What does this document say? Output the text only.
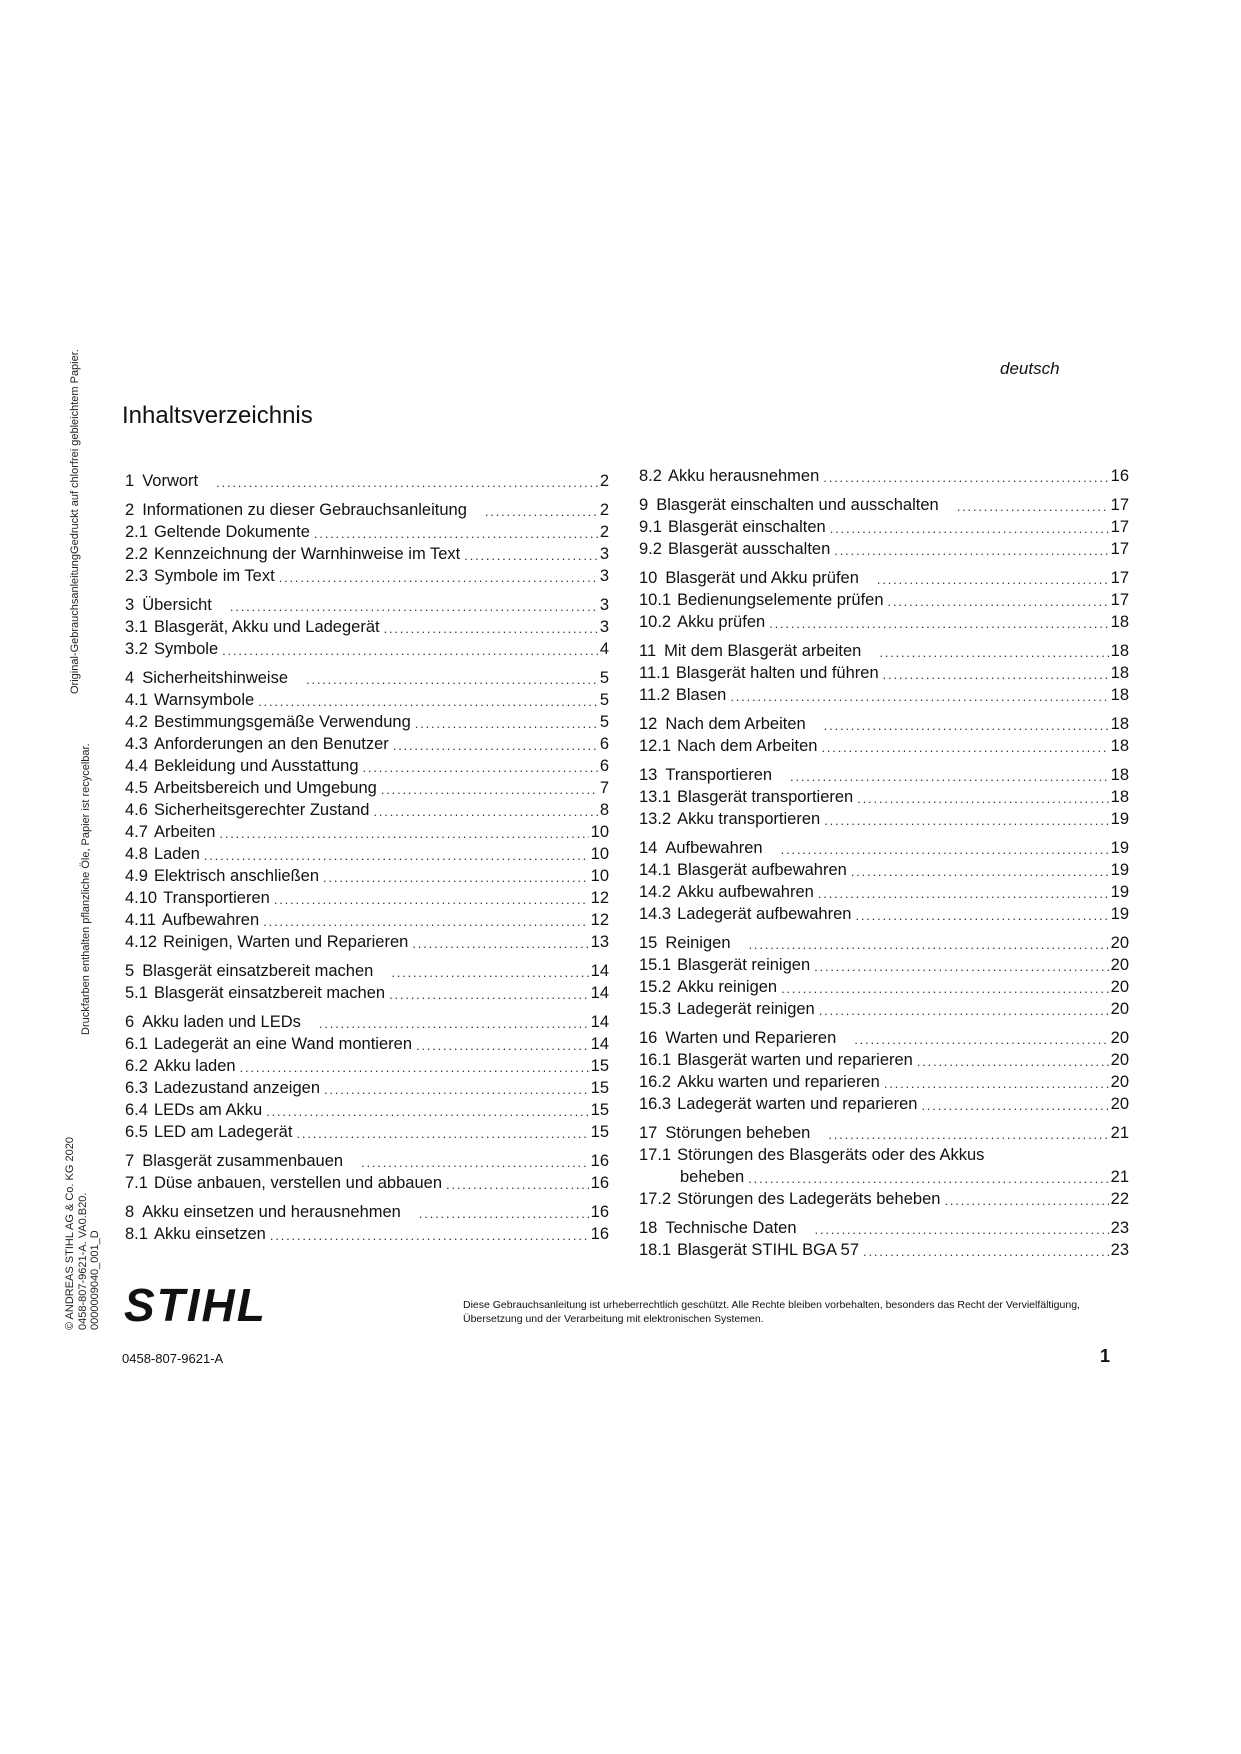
deutsch
Inhaltsverzeichnis
Original-GebrauchsanleitungGedruckt auf chlorfrei gebleichtem Papier.
Druckfarben enthalten pflanzliche Öle, Papier ist recycelbar.
© ANDREAS STIHL AG & Co. KG 2020 0458-807-9621-A. VA0.B20. 0000009040_001_D
1 Vorwort .....	2
2 Informationen zu dieser Gebrauchsanleitung .....	2
2.1 Geltende Dokumente .....	2
2.2 Kennzeichnung der Warnhinweise im Text .....	3
2.3 Symbole im Text .....	3
3 Übersicht .....	3
3.1 Blasgerät, Akku und Ladegerät .....	3
3.2 Symbole .....	4
4 Sicherheitshinweise .....	5
4.1 Warnsymbole .....	5
4.2 Bestimmungsgemäße Verwendung .....	5
4.3 Anforderungen an den Benutzer .....	6
4.4 Bekleidung und Ausstattung .....	6
4.5 Arbeitsbereich und Umgebung .....	7
4.6 Sicherheitsgerechter Zustand .....	8
4.7 Arbeiten .....	10
4.8 Laden .....	10
4.9 Elektrisch anschließen .....	10
4.10 Transportieren .....	12
4.11 Aufbewahren .....	12
4.12 Reinigen, Warten und Reparieren .....	13
5 Blasgerät einsatzbereit machen .....	14
5.1 Blasgerät einsatzbereit machen .....	14
6 Akku laden und LEDs .....	14
6.1 Ladegerät an eine Wand montieren .....	14
6.2 Akku laden .....	15
6.3 Ladezustand anzeigen .....	15
6.4 LEDs am Akku .....	15
6.5 LED am Ladegerät .....	15
7 Blasgerät zusammenbauen .....	16
7.1 Düse anbauen, verstellen und abbauen .....	16
8 Akku einsetzen und herausnehmen .....	16
8.1 Akku einsetzen .....	16
8.2 Akku herausnehmen .....	16
9 Blasgerät einschalten und ausschalten .....	17
9.1 Blasgerät einschalten .....	17
9.2 Blasgerät ausschalten .....	17
10 Blasgerät und Akku prüfen .....	17
10.1 Bedienungselemente prüfen .....	17
10.2 Akku prüfen .....	18
11 Mit dem Blasgerät arbeiten .....	18
11.1 Blasgerät halten und führen .....	18
11.2 Blasen .....	18
12 Nach dem Arbeiten .....	18
12.1 Nach dem Arbeiten .....	18
13 Transportieren .....	18
13.1 Blasgerät transportieren .....	18
13.2 Akku transportieren .....	19
14 Aufbewahren .....	19
14.1 Blasgerät aufbewahren .....	19
14.2 Akku aufbewahren .....	19
14.3 Ladegerät aufbewahren .....	19
15 Reinigen .....	20
15.1 Blasgerät reinigen .....	20
15.2 Akku reinigen .....	20
15.3 Ladegerät reinigen .....	20
16 Warten und Reparieren .....	20
16.1 Blasgerät warten und reparieren .....	20
16.2 Akku warten und reparieren .....	20
16.3 Ladegerät warten und reparieren .....	20
17 Störungen beheben .....	21
17.1 Störungen des Blasgeräts oder des Akkus
beheben .....	21
17.2 Störungen des Ladegeräts beheben .....	22
18 Technische Daten .....	23
18.1 Blasgerät STIHL BGA 57 .....	23
STIHL	Diese Gebrauchsanleitung ist urheberrechtlich geschützt. Alle Rechte bleiben vorbehalten, besonders das Recht der Vervielfältigung, Übersetzung und der Verarbeitung mit elektronischen Systemen.
0458-807-9621-A	1
